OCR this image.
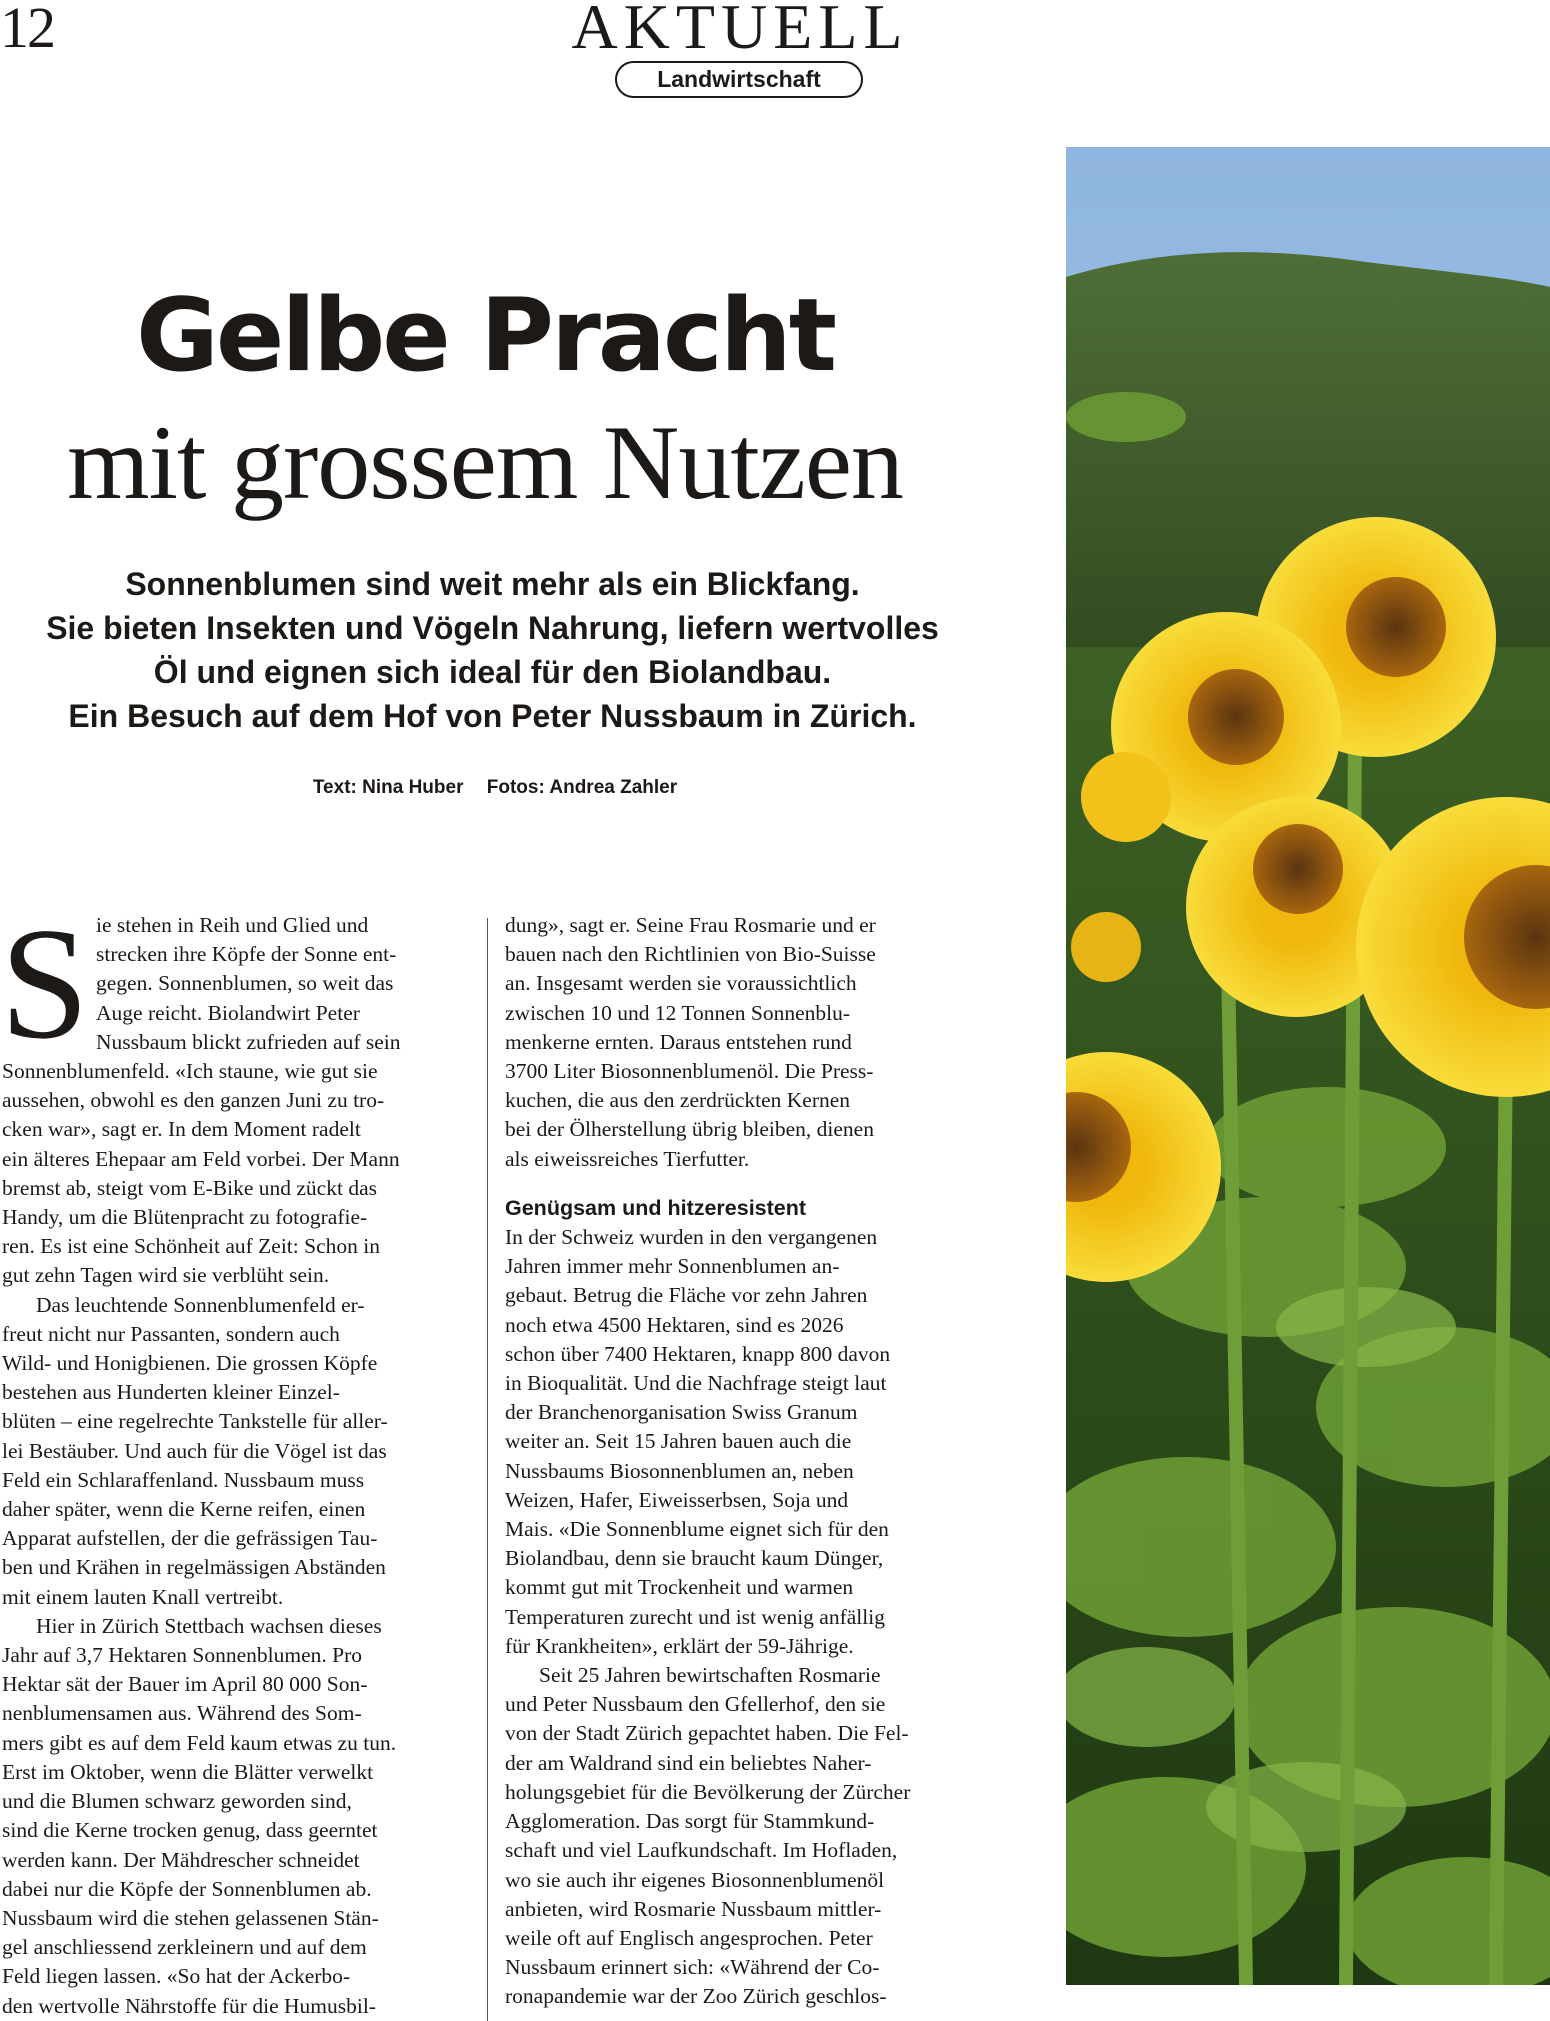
12	AKTUELL
Landwirtschaft
Gelbe Pracht
mit grossem Nutzen
Sonnenblumen sind weit mehr als ein Blickfang.
Sie bieten Insekten und Vögeln Nahrung, liefern wertvolles
Öl und eignen sich ideal für den Biolandbau.
Ein Besuch auf dem Hof von Peter Nussbaum in Zürich.
Text: Nina Huber Fotos: Andrea Zahler
S ie stehen in Reih und Glied und
strecken ihre Köpfe der Sonne ent-
gegen. Sonnenblumen, so weit das
Auge reicht. Biolandwirt Peter
Nussbaum blickt zufrieden auf sein
Sonnenblumenfeld. «Ich staune, wie gut sie
aussehen, obwohl es den ganzen Juni zu tro-
cken war», sagt er. In dem Moment radelt
ein älteres Ehepaar am Feld vorbei. Der Mann
bremst ab, steigt vom E-Bike und zückt das
Handy, um die Blütenpracht zu fotografie-
ren. Es ist eine Schönheit auf Zeit: Schon in
gut zehn Tagen wird sie verblüht sein.
Das leuchtende Sonnenblumenfeld er-
freut nicht nur Passanten, sondern auch
Wild- und Honigbienen. Die grossen Köpfe
bestehen aus Hunderten kleiner Einzel-
blüten – eine regelrechte Tankstelle für aller-
lei Bestäuber. Und auch für die Vögel ist das
Feld ein Schlaraffenland. Nussbaum muss
daher später, wenn die Kerne reifen, einen
Apparat aufstellen, der die gefrässigen Tau-
ben und Krähen in regelmässigen Abständen
mit einem lauten Knall vertreibt.
Hier in Zürich Stettbach wachsen dieses
Jahr auf 3,7 Hektaren Sonnenblumen. Pro
Hektar sät der Bauer im April 80 000 Son-
nenblumensamen aus. Während des Som-
mers gibt es auf dem Feld kaum etwas zu tun.
Erst im Oktober, wenn die Blätter verwelkt
und die Blumen schwarz geworden sind,
sind die Kerne trocken genug, dass geerntet
werden kann. Der Mähdrescher schneidet
dabei nur die Köpfe der Sonnenblumen ab.
Nussbaum wird die stehen gelassenen Stän-
gel anschliessend zerkleinern und auf dem
Feld liegen lassen. «So hat der Ackerbo-
den wertvolle Nährstoffe für die Humusbil-
dung», sagt er. Seine Frau Rosmarie und er
bauen nach den Richtlinien von Bio-Suisse
an. Insgesamt werden sie voraussichtlich
zwischen 10 und 12 Tonnen Sonnenblu-
menkerne ernten. Daraus entstehen rund
3700 Liter Biosonnenblumenöl. Die Press-
kuchen, die aus den zerdrückten Kernen
bei der Ölherstellung übrig bleiben, dienen
als eiweissreiches Tierfutter.
Genügsam und hitzeresistent
In der Schweiz wurden in den vergangenen
Jahren immer mehr Sonnenblumen an-
gebaut. Betrug die Fläche vor zehn Jahren
noch etwa 4500 Hektaren, sind es 2026
schon über 7400 Hektaren, knapp 800 davon
in Bioqualität. Und die Nachfrage steigt laut
der Branchenorganisation Swiss Granum
weiter an. Seit 15 Jahren bauen auch die
Nussbaums Biosonnenblumen an, neben
Weizen, Hafer, Eiweisserbsen, Soja und
Mais. «Die Sonnenblume eignet sich für den
Biolandbau, denn sie braucht kaum Dünger,
kommt gut mit Trockenheit und warmen
Temperaturen zurecht und ist wenig anfällig
für Krankheiten», erklärt der 59-Jährige.
Seit 25 Jahren bewirtschaften Rosmarie
und Peter Nussbaum den Gfellerhof, den sie
von der Stadt Zürich gepachtet haben. Die Fel-
der am Waldrand sind ein beliebtes Naher-
holungsgebiet für die Bevölkerung der Zürcher
Agglomeration. Das sorgt für Stammkund-
schaft und viel Laufkundschaft. Im Hofladen,
wo sie auch ihr eigenes Biosonnenblumenöl
anbieten, wird Rosmarie Nussbaum mittler-
weile oft auf Englisch angesprochen. Peter
Nussbaum erinnert sich: «Während der Co-
ronapandemie war der Zoo Zürich geschlos-
